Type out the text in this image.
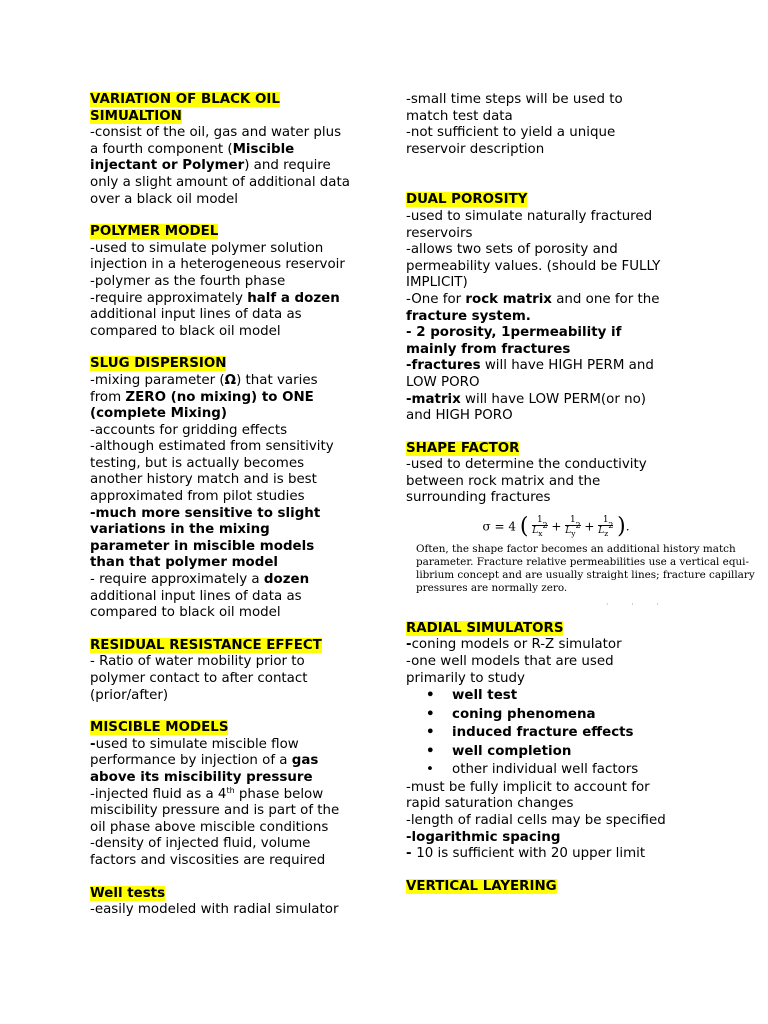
VARIATION OF BLACK OIL
SIMUALTION
-consist of the oil, gas and water plus
a fourth component (Miscible
injectant or Polymer) and require
only a slight amount of additional data
over a black oil model
POLYMER MODEL
-used to simulate polymer solution
injection in a heterogeneous reservoir
-polymer as the fourth phase
-require approximately half a dozen
additional input lines of data as
compared to black oil model
SLUG DISPERSION
-mixing parameter (Ω) that varies
from ZERO (no mixing) to ONE
(complete Mixing)
-accounts for gridding effects
-although estimated from sensitivity
testing, but is actually becomes
another history match and is best
approximated from pilot studies
-much more sensitive to slight
variations in the mixing
parameter in miscible models
than that polymer model
- require approximately a dozen
additional input lines of data as
compared to black oil model
RESIDUAL RESISTANCE EFFECT
- Ratio of water mobility prior to
polymer contact to after contact
(prior/after)
MISCIBLE MODELS
-used to simulate miscible flow
performance by injection of a gas
above its miscibility pressure
-injected fluid as a 4th phase below
miscibility pressure and is part of the
oil phase above miscible conditions
-density of injected fluid, volume
factors and viscosities are required
Well tests
-easily modeled with radial simulator
-small time steps will be used to
match test data
-not sufficient to yield a unique
reservoir description
DUAL POROSITY
-used to simulate naturally fractured
reservoirs
-allows two sets of porosity and
permeability values. (should be FULLY
IMPLICIT)
-One for rock matrix and one for the
fracture system.
- 2 porosity, 1permeability if
mainly from fractures
-fractures will have HIGH PERM and
LOW PORO
-matrix will have LOW PERM(or no)
and HIGH PORO
SHAPE FACTOR
-used to determine the conductivity
between rock matrix and the
surrounding fractures
σ = 4 ( $\frac{1}{L_x^2} + \frac{1}{L_y^2} + \frac{1}{L_z^2}$ ).
Often, the shape factor becomes an additional history match
parameter. Fracture relative permeabilities use a vertical equi-
librium concept and are usually straight lines; fracture capillary
pressures are normally zero.
· · ·
RADIAL SIMULATORS
-coning models or R-Z simulator
-one well models that are used
primarily to study
•	well test
•	coning phenomena
•	induced fracture effects
•	well completion
•	other individual well factors
-must be fully implicit to account for
rapid saturation changes
-length of radial cells may be specified
-logarithmic spacing
- 10 is sufficient with 20 upper limit
VERTICAL LAYERING
